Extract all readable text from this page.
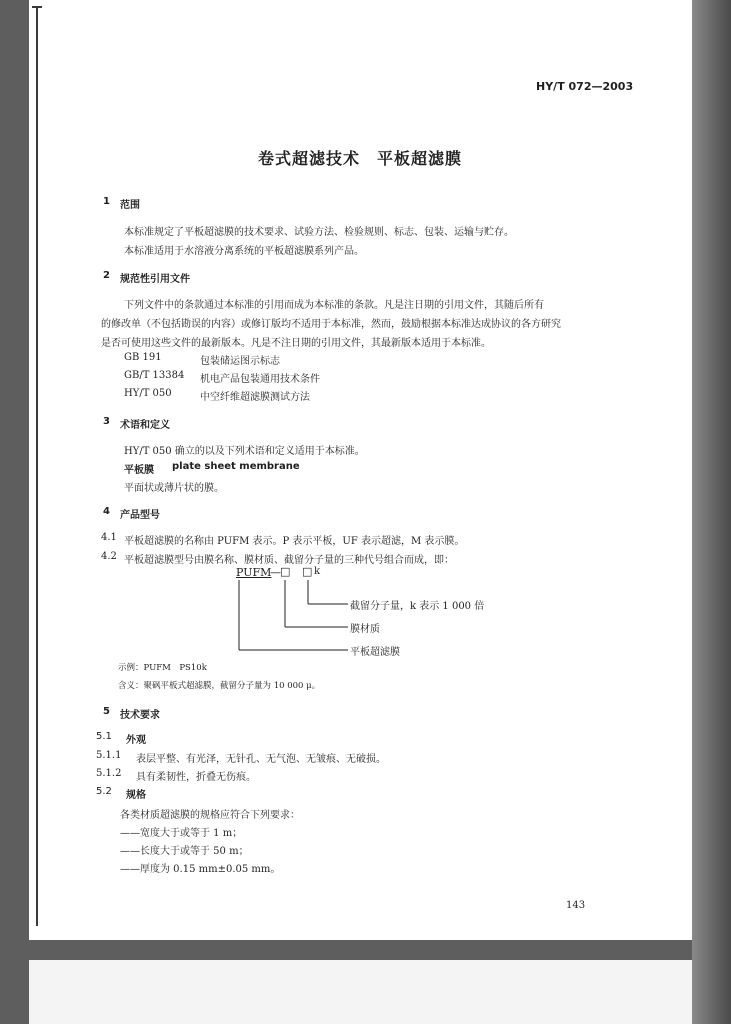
HY/T 072—2003
卷式超滤技术　平板超滤膜
1 范围
本标准规定了平板超滤膜的技术要求、试验方法、检验规则、标志、包装、运输与贮存。
本标准适用于水溶液分离系统的平板超滤膜系列产品。
2 规范性引用文件
下列文件中的条款通过本标准的引用而成为本标准的条款。凡是注日期的引用文件，其随后所有
的修改单（不包括勘误的内容）或修订版均不适用于本标准，然而，鼓励根据本标准达成协议的各方研究
是否可使用这些文件的最新版本。凡是不注日期的引用文件，其最新版本适用于本标准。
GB 191	包装储运图示标志
GB/T 13384 机电产品包装通用技术条件
HY/T 050	中空纤维超滤膜测试方法
3 术语和定义
HY/T 050 确立的以及下列术语和定义适用于本标准。
平板膜 plate sheet membrane
平面状或薄片状的膜。
4 产品型号
4.1 平板超滤膜的名称由 PUFM 表示。P 表示平板，UF 表示超滤，M 表示膜。
4.2 平板超滤膜型号由膜名称、膜材质、截留分子量的三种代号组合而成，即：
PUFM
— □ □ k
截留分子量，k 表示 1 000 倍
膜材质
平板超滤膜
示例：PUFM　PS10k
含义：聚砜平板式超滤膜，截留分子量为 10 000 μ。
5 技术要求
5.1 外观
5.1.1 表层平整、有光泽，无针孔、无气泡、无皱痕、无破损。
5.1.2 具有柔韧性，折叠无伤痕。
5.2 规格
各类材质超滤膜的规格应符合下列要求：
——宽度大于或等于 1 m；
——长度大于或等于 50 m；
——厚度为 0.15 mm±0.05 mm。
143
